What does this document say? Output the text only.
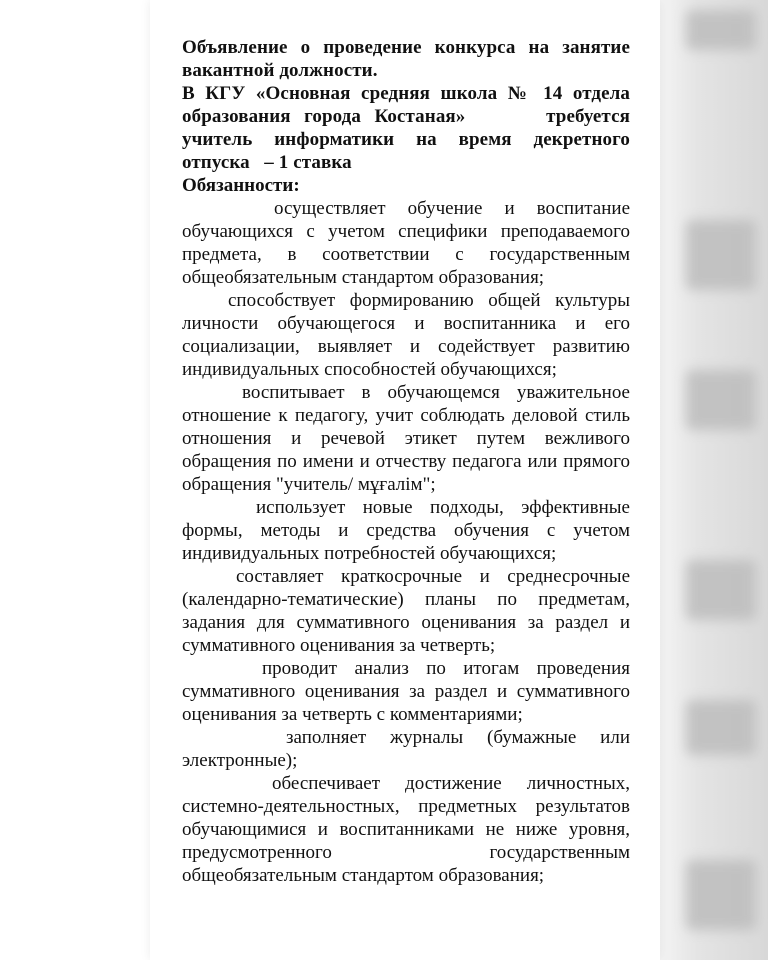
Объявление о проведение конкурса на занятие вакантной должности.

В КГУ «Основная средняя школа № 14 отдела образования города Костаная»      требуется учитель информатики на время декретного отпуска   – 1 ставка

Обязанности:

осуществляет обучение и воспитание обучающихся с учетом специфики преподаваемого предмета, в соответствии с государственным общеобязательным стандартом образования;

способствует формированию общей культуры личности обучающегося и воспитанника и его социализации, выявляет и содействует развитию индивидуальных способностей обучающихся;

воспитывает в обучающемся уважительное отношение к педагогу, учит соблюдать деловой стиль отношения и речевой этикет путем вежливого обращения по имени и отчеству педагога или прямого обращения "учитель/ мұғалім";

использует новые подходы, эффективные формы, методы и средства обучения с учетом индивидуальных потребностей обучающихся;

составляет краткосрочные и среднесрочные (календарно-тематические) планы по предметам, задания для суммативного оценивания за раздел и суммативного оценивания за четверть;

проводит анализ по итогам проведения суммативного оценивания за раздел и суммативного оценивания за четверть с комментариями;

заполняет журналы (бумажные или электронные);

обеспечивает достижение личностных, системно-деятельностных, предметных результатов обучающимися и воспитанниками не ниже уровня, предусмотренного государственным общеобязательным стандартом образования;
